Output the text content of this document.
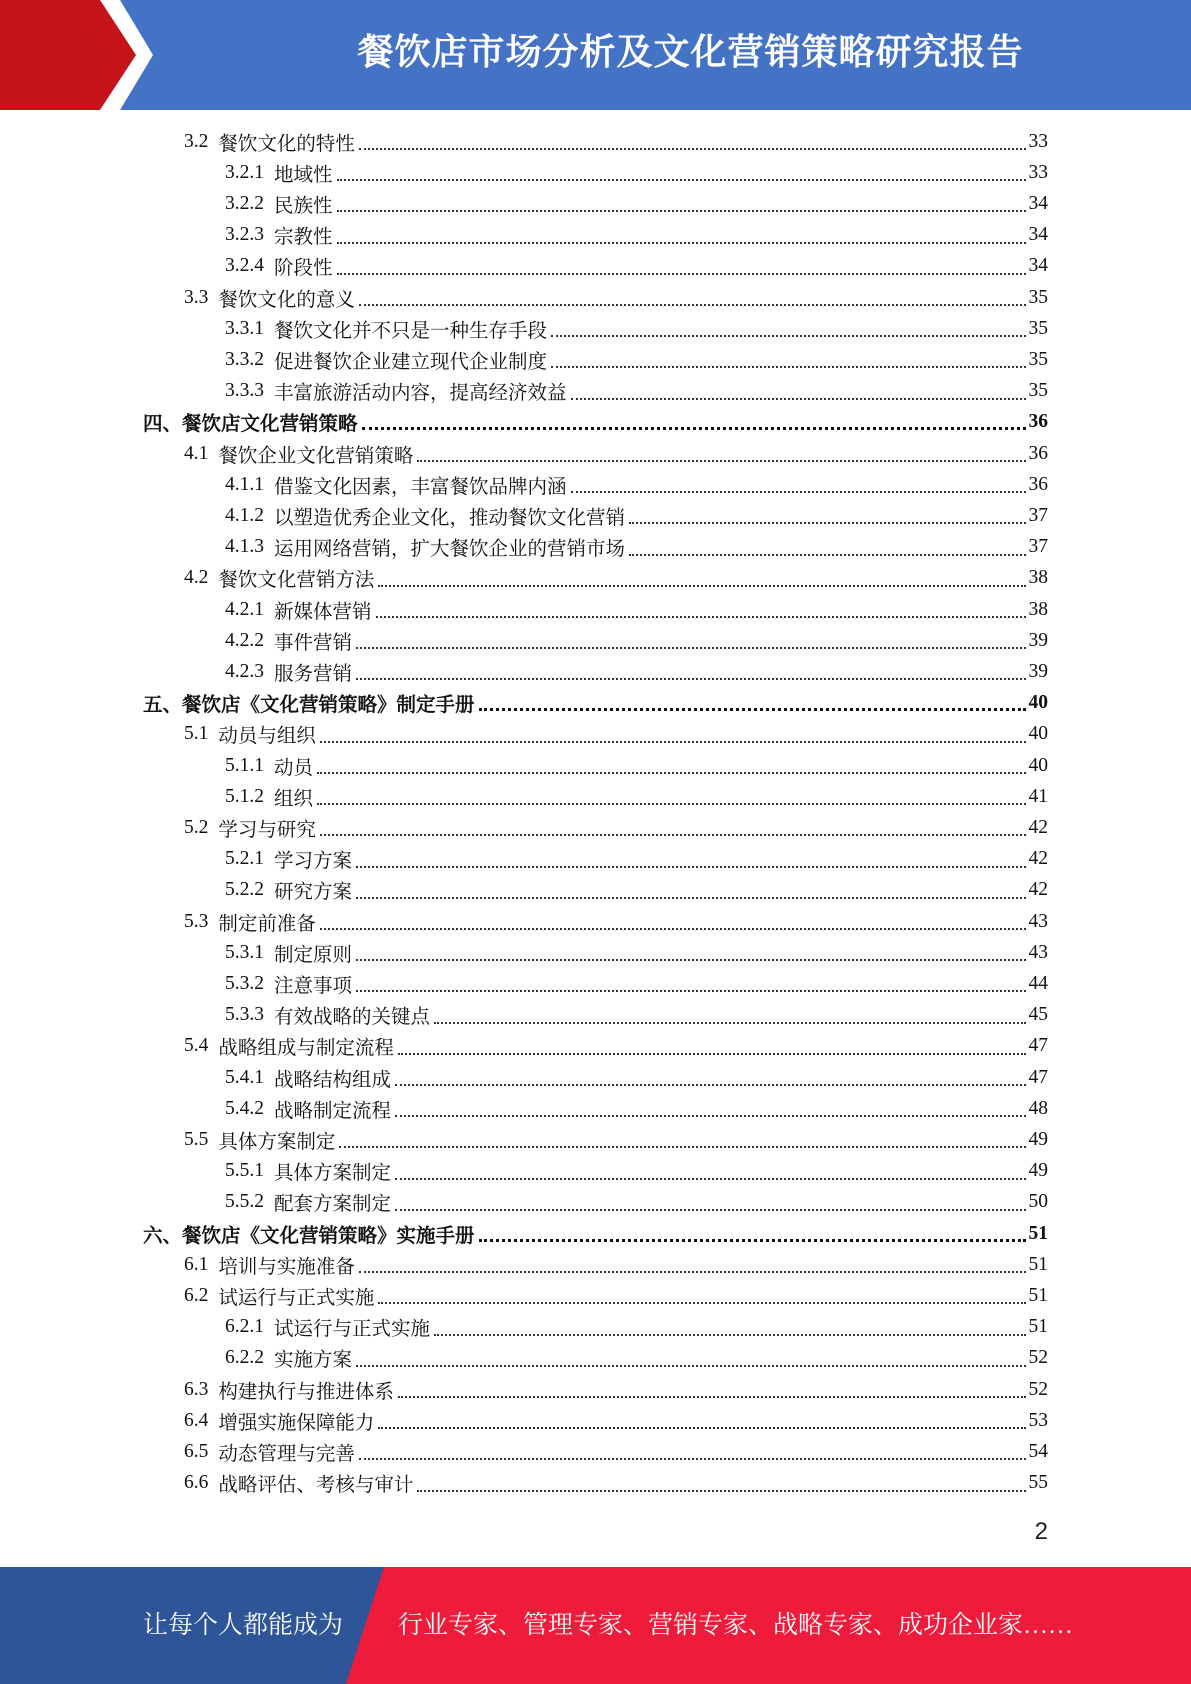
餐饮店市场分析及文化营销策略研究报告
3.2 餐饮文化的特性	33
3.2.1 地域性	33
3.2.2 民族性	34
3.2.3 宗教性	34
3.2.4 阶段性	34
3.3 餐饮文化的意义	35
3.3.1 餐饮文化并不只是一种生存手段	35
3.3.2 促进餐饮企业建立现代企业制度	35
3.3.3 丰富旅游活动内容，提高经济效益	35
四、餐饮店文化营销策略	36
4.1 餐饮企业文化营销策略	36
4.1.1 借鉴文化因素，丰富餐饮品牌内涵	36
4.1.2 以塑造优秀企业文化，推动餐饮文化营销	37
4.1.3 运用网络营销，扩大餐饮企业的营销市场	37
4.2 餐饮文化营销方法	38
4.2.1 新媒体营销	38
4.2.2 事件营销	39
4.2.3 服务营销	39
五、餐饮店《文化营销策略》制定手册	40
5.1 动员与组织	40
5.1.1 动员	40
5.1.2 组织	41
5.2 学习与研究	42
5.2.1 学习方案	42
5.2.2 研究方案	42
5.3 制定前准备	43
5.3.1 制定原则	43
5.3.2 注意事项	44
5.3.3 有效战略的关键点	45
5.4 战略组成与制定流程	47
5.4.1 战略结构组成	47
5.4.2 战略制定流程	48
5.5 具体方案制定	49
5.5.1 具体方案制定	49
5.5.2 配套方案制定	50
六、餐饮店《文化营销策略》实施手册	51
6.1 培训与实施准备	51
6.2 试运行与正式实施	51
6.2.1 试运行与正式实施	51
6.2.2 实施方案	52
6.3 构建执行与推进体系	52
6.4 增强实施保障能力	53
6.5 动态管理与完善	54
6.6 战略评估、考核与审计	55
2
让每个人都能成为 行业专家、管理专家、营销专家、战略专家、成功企业家……
